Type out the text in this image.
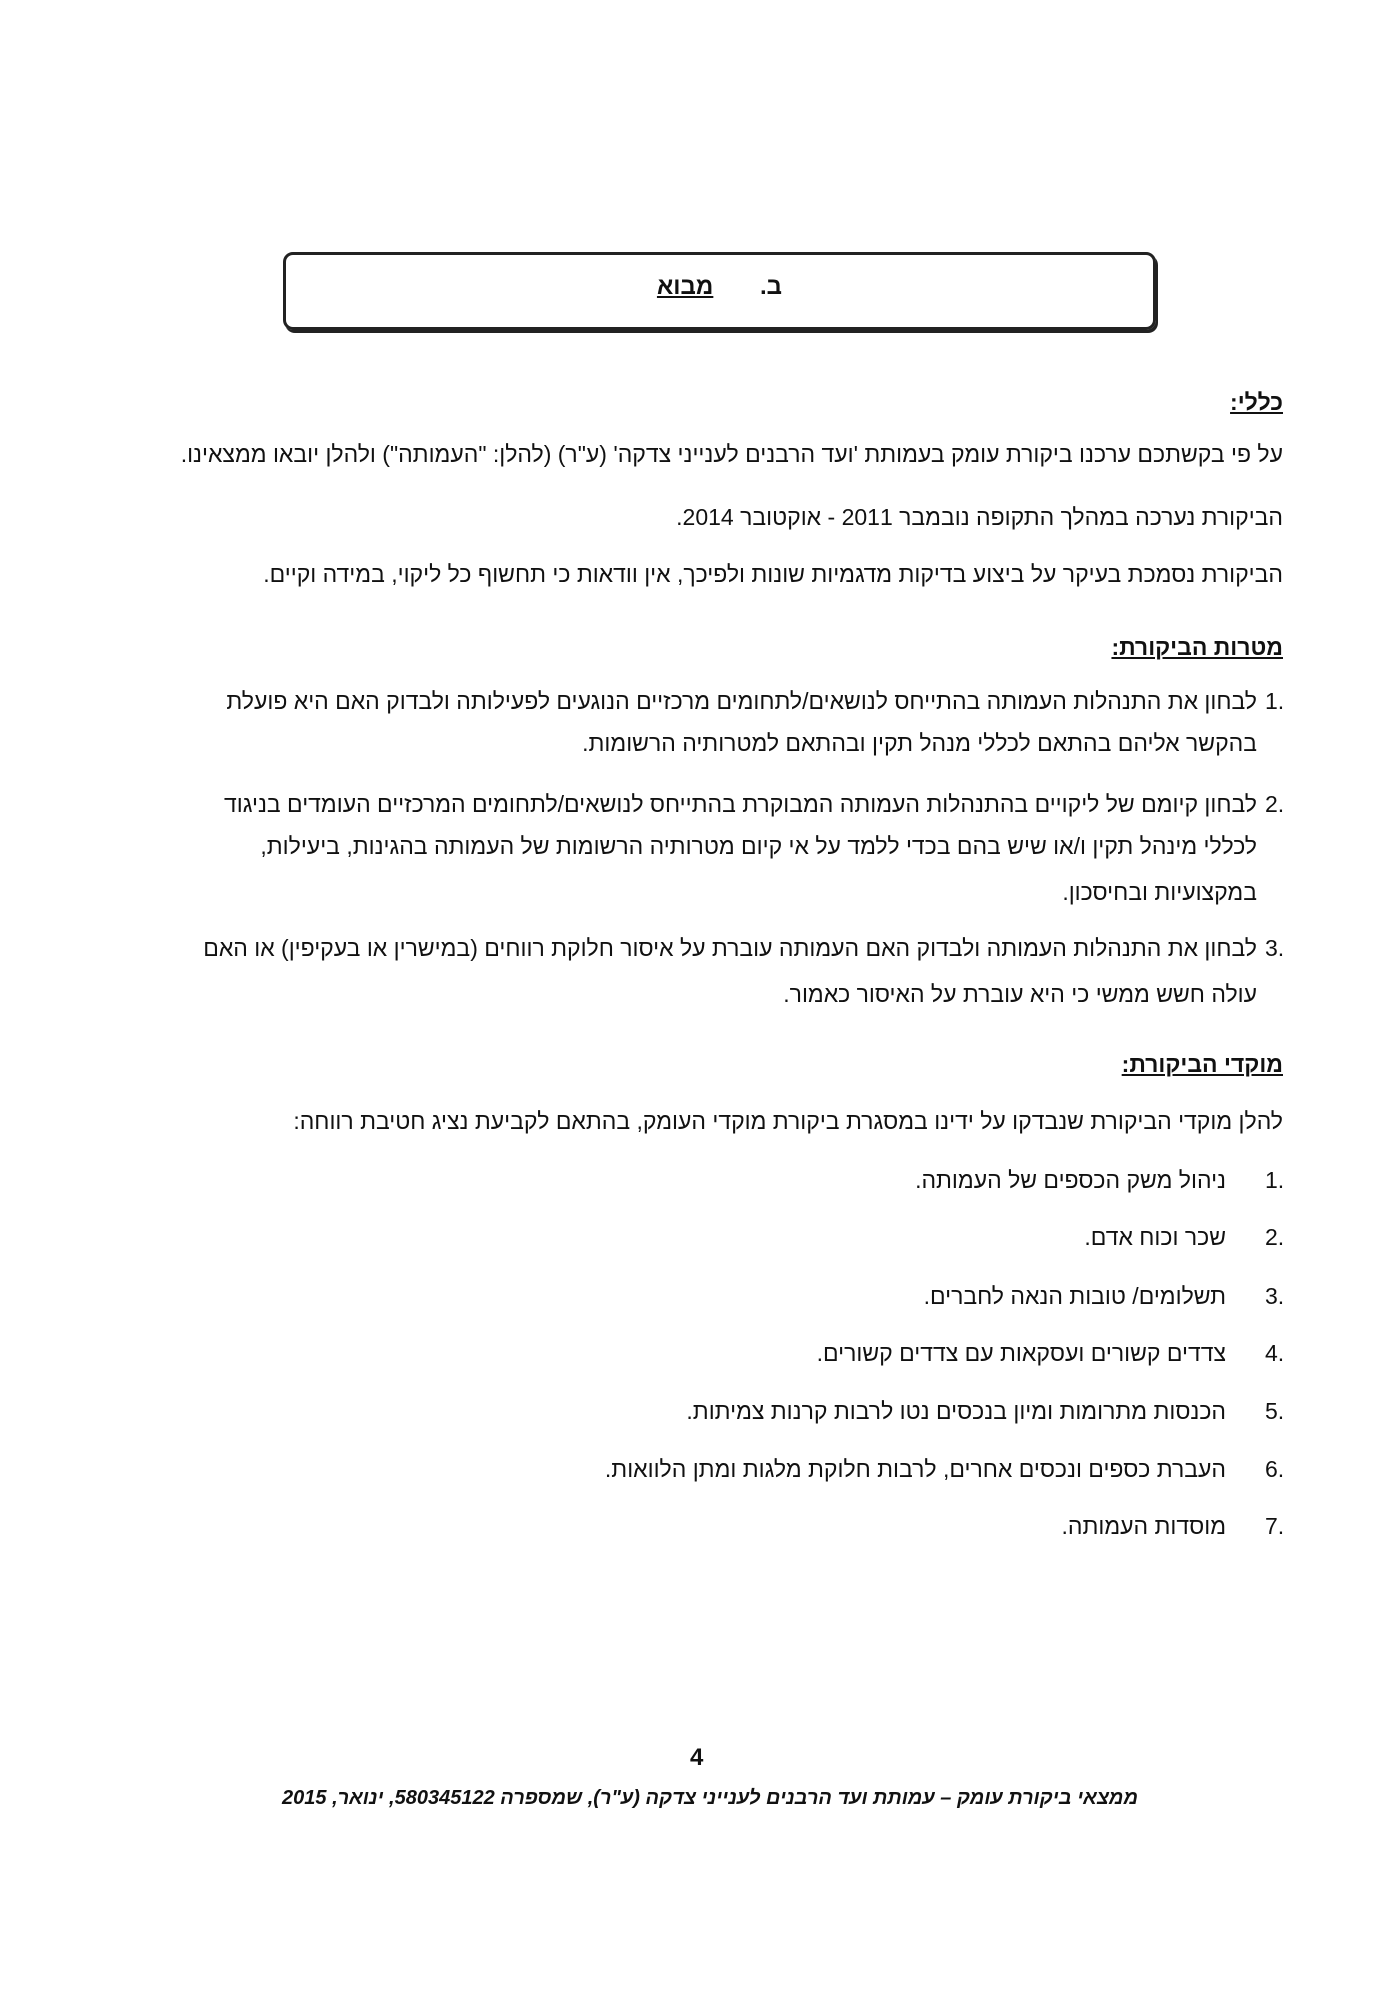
ב. מבוא
כללי:
על פי בקשתכם ערכנו ביקורת עומק בעמותת 'ועד הרבנים לענייני צדקה' (ע"ר) (להלן: "העמותה") ולהלן יובאו ממצאינו.
הביקורת נערכה במהלך התקופה נובמבר 2011 - אוקטובר 2014.
הביקורת נסמכת בעיקר על ביצוע בדיקות מדגמיות שונות ולפיכך, אין וודאות כי תחשוף כל ליקוי, במידה וקיים.
מטרות הביקורת:
1.
לבחון את התנהלות העמותה בהתייחס לנושאים/לתחומים מרכזיים הנוגעים לפעילותה ולבדוק האם היא פועלת
בהקשר אליהם בהתאם לכללי מנהל תקין ובהתאם למטרותיה הרשומות.
2.
לבחון קיומם של ליקויים בהתנהלות העמותה המבוקרת בהתייחס לנושאים/לתחומים המרכזיים העומדים בניגוד
לכללי מינהל תקין ו/או שיש בהם בכדי ללמד על אי קיום מטרותיה הרשומות של העמותה בהגינות, ביעילות,
במקצועיות ובחיסכון.
3.
לבחון את התנהלות העמותה ולבדוק האם העמותה עוברת על איסור חלוקת רווחים (במישרין או בעקיפין) או האם
עולה חשש ממשי כי היא עוברת על האיסור כאמור.
מוקדי הביקורת:
להלן מוקדי הביקורת שנבדקו על ידינו במסגרת ביקורת מוקדי העומק, בהתאם לקביעת נציג חטיבת רווחה:
1.
ניהול משק הכספים של העמותה.
2.
שכר וכוח אדם.
3.
תשלומים/ טובות הנאה לחברים.
4.
צדדים קשורים ועסקאות עם צדדים קשורים.
5.
הכנסות מתרומות ומיון בנכסים נטו לרבות קרנות צמיתות.
6.
העברת כספים ונכסים אחרים, לרבות חלוקת מלגות ומתן הלוואות.
7.
מוסדות העמותה.
4
ממצאי ביקורת עומק – עמותת ועד הרבנים לענייני צדקה (ע"ר), שמספרה 580345122, ינואר, 2015
